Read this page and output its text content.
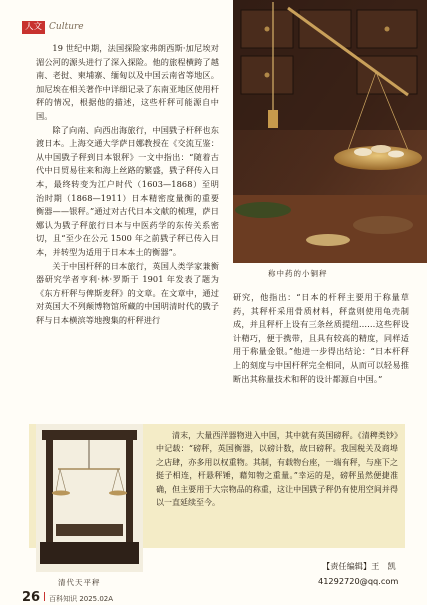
人文 Culture

19 世纪中期，法国探险家弗朗西斯·加尼埃对湄公河的源头进行了深入探险。他的旅程横跨了越南、老挝、柬埔寨、缅甸以及中国云南省等地区。加尼埃在相关著作中详细记录了东南亚地区使用杆秤的情况，根据他的描述，这些杆秤可能源自中国。

除了向南、向西出海旅行，中国戥子杆秤也东渡日本。上海交通大学萨日娜教授在《交流互鉴：从中国戥子秤到日本银秤》一文中指出：“随着古代中日贸易往来和海上丝路的繁盛，戥子秤传入日本，最终转变为江户时代（1603—1868）至明治时期（1868—1911）日本精密度量衡的重要衡器——银秤。”通过对古代日本文献的梳理，萨日娜认为戥子秤旅行日本与中医药学的东传关系密切，且“至少在公元 1500 年之前戥子秤已传入日本，并转型为适用于日本本土的衡器”。

关于中国杆秤的日本旅行，英国人类学家兼衡器研究学者亨利·林·罗斯于 1901 年发表了题为《东方杆秤与俾斯麦秤》的文章。在文章中，通过对英国大不列颠博物馆所藏的中国明清时代的戥子秤与日本横滨等地搜集的杆秤进行

称中药的小铜秤

研究，他指出：“日本的杆秤主要用于称量草药，其秤杆采用骨质材料，秤盘则使用龟壳制成，并且秤杆上设有三条丝质提纽……这些秤设计精巧，便于携带，且具有较高的精度，同样适用于称量金银。”他进一步得出结论：“日本杆秤上的刻度与中国杆秤完全相同，从而可以轻易推断出其称量技术和秤的设计都源自中国。”

清末，大量西洋器物进入中国，其中就有英国磅秤。《清稗类钞》中记载：“磅秤，英国衡器，以磅计数，故曰磅秤。我国税关及商埠之店肆，亦多用以权重物。其制，有载物台座，一端有秤，与座下之挺子相连，杆悬秤锤，藉知物之重量。”幸运的是，磅秤虽然便捷准确，但主要用于大宗物品的称重，这让中国戥子秤仍有使用空间并得以一直延续至今。

清代天平秤
【责任编辑】王　凯
41292720@qq.com
26 百科知识 2025.02A
